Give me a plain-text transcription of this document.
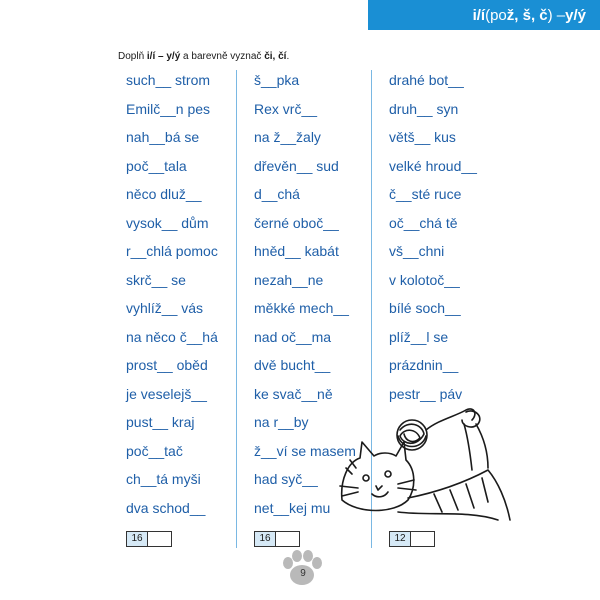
i/í (po ž, š, č ) – y/ý
Doplň i/í – y/ý a barevně vyznač či, čí.
such__ strom
Emilč__n pes
nah__bá se
poč__tala
něco dluž__
vysok__ dům
r__chlá pomoc
skrč__ se
vyhlíž__ vás
na něco č__há
prost__ oběd
je veselejš__
pust__ kraj
poč__tač
ch__tá myši
dva schod__
š__pka
Rex vrč__
na ž__žaly
dřevěn__ sud
d__chá
černé oboč__
hněd__ kabát
nezah__ne
měkké mech__
nad oč__ma
dvě bucht__
ke svač__ně
na r__by
ž__ví se masem
had syč__
net__kej mu
drahé bot__
druh__ syn
větš__ kus
velké hroud__
č__sté ruce
oč__chá tě
vš__chni
v kolotoč__
bílé soch__
plíž__l se
prázdnin__
pestr__ páv
16	16	12
9
